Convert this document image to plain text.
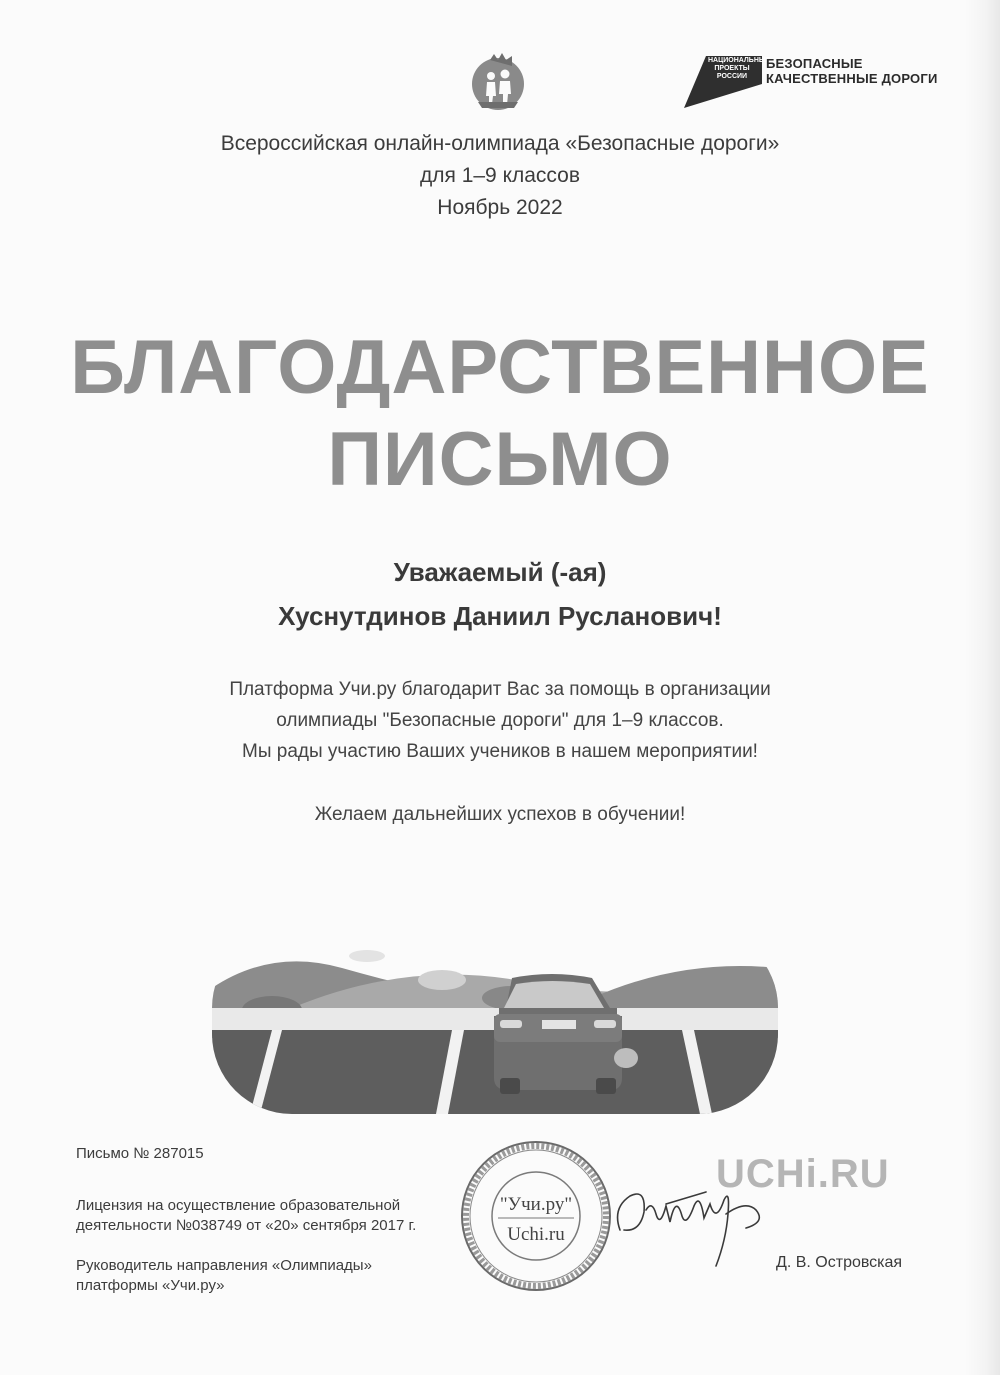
НАЦИОНАЛЬНЫЕ
ПРОЕКТЫ
РОССИИ
БЕЗОПАСНЫЕ
КАЧЕСТВЕННЫЕ ДОРОГИ
Всероссийская онлайн-олимпиада «Безопасные дороги»
для 1–9 классов
Ноябрь 2022
БЛАГОДАРСТВЕННОЕ
ПИСЬМО
Уважаемый (-ая)
Хуснутдинов Даниил Русланович!
Платформа Учи.ру благодарит Вас за помощь в организации
олимпиады "Безопасные дороги" для 1–9 классов.
Мы рады участию Ваших учеников в нашем мероприятии!
Желаем дальнейших успехов в обучении!
Письмо № 287015
Лицензия на осуществление образовательной
деятельности №038749 от «20» сентября 2017 г.
Руководитель направления «Олимпиады»
платформы «Учи.ру»
"Учи.ру"
Uchi.ru
UCHi.RU
Д. В. Островская
